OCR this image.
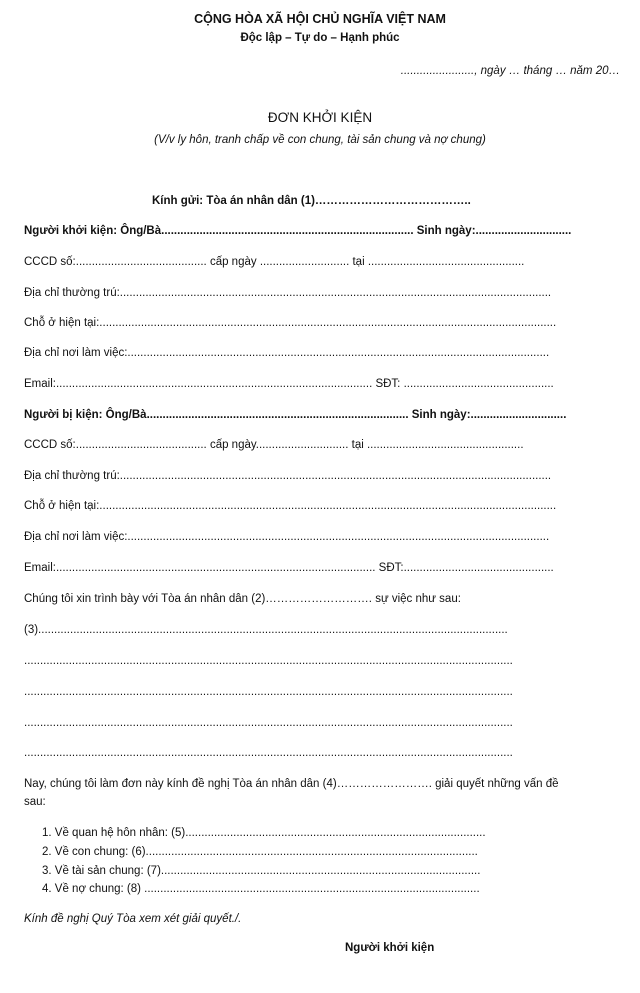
CỘNG HÒA XÃ HỘI CHỦ NGHĨA VIỆT NAM
Độc lập – Tự do – Hạnh phúc
......................., ngày … tháng … năm 20…
ĐƠN KHỞI KIỆN
(V/v ly hôn, tranh chấp về con chung, tài sản chung và nợ chung)
Kính gửi: Tòa án nhân dân (1)…………………………………..
Người khởi kiện: Ông/Bà............................................................................... Sinh ngày:..............................
CCCD số:......................................... cấp ngày ............................ tại .................................................
Địa chỉ thường trú:.......................................................................................................................................
Chỗ ở hiện tại:...............................................................................................................................................
Địa chỉ nơi làm việc:....................................................................................................................................
Email:................................................................................................... SĐT: ...............................................
Người bị kiện: Ông/Bà.................................................................................. Sinh ngày:..............................
CCCD số:......................................... cấp ngày............................. tại .................................................
Địa chỉ thường trú:.......................................................................................................................................
Chỗ ở hiện tại:...............................................................................................................................................
Địa chỉ nơi làm việc:....................................................................................................................................
Email:.................................................................................................... SĐT:...............................................
Chúng tôi xin trình bày với Tòa án nhân dân (2)………………………. sự việc như sau:
(3)...................................................................................................................................................
.........................................................................................................................................................
.........................................................................................................................................................
.........................................................................................................................................................
.........................................................................................................................................................
Nay, chúng tôi làm đơn này kính đề nghị Tòa án nhân dân (4)……………………. giải quyết những vấn đề
sau:
1. Về quan hệ hôn nhân: (5)..............................................................................................
2. Về con chung: (6)........................................................................................................
3. Về tài sản chung: (7)....................................................................................................
4. Về nợ chung: (8) .........................................................................................................
Kính đề nghị Quý Tòa xem xét giải quyết./.
Người khởi kiện
